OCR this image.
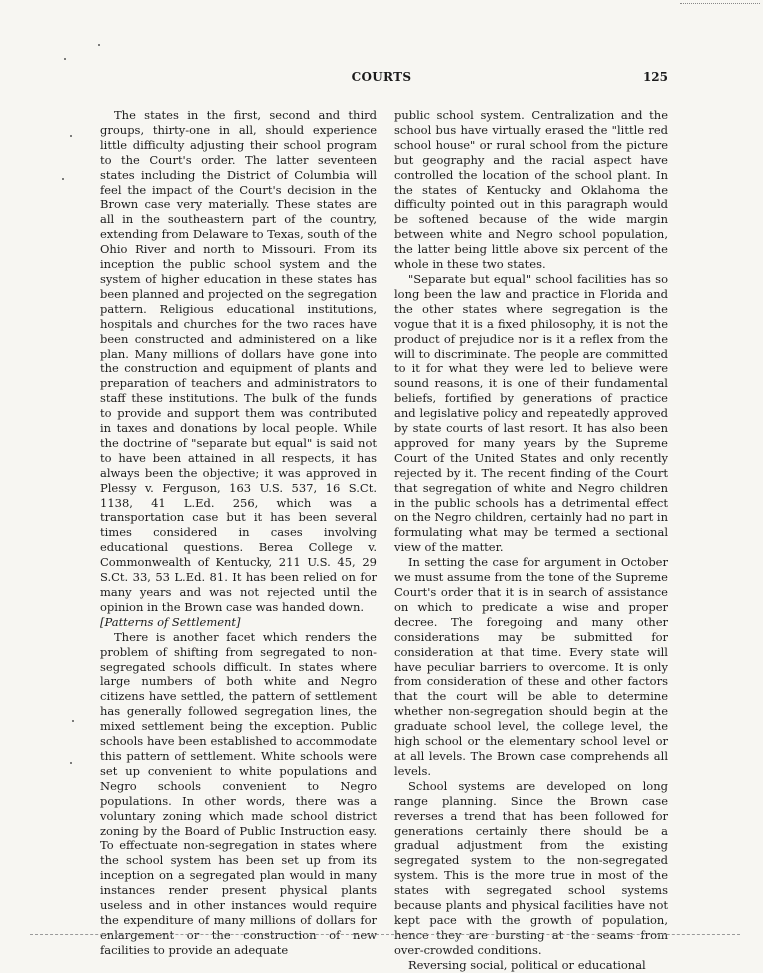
COURTS	125

The states in the first, second and third groups, thirty-one in all, should experience little difficulty adjusting their school program to the Court's order. The latter seventeen states including the District of Columbia will feel the impact of the Court's decision in the Brown case very materially. These states are all in the southeastern part of the country, extending from Delaware to Texas, south of the Ohio River and north to Missouri. From its inception the public school system and the system of higher education in these states has been planned and projected on the segregation pattern. Religious educational institutions, hospitals and churches for the two races have been constructed and administered on a like plan. Many millions of dollars have gone into the construction and equipment of plants and preparation of teachers and administrators to staff these institutions. The bulk of the funds to provide and support them was contributed in taxes and donations by local people. While the doctrine of "separate but equal" is said not to have been attained in all respects, it has always been the objective; it was approved in Plessy v. Ferguson, 163 U.S. 537, 16 S.Ct. 1138, 41 L.Ed. 256, which was a transportation case but it has been several times considered in cases involving educational questions. Berea College v. Commonwealth of Kentucky, 211 U.S. 45, 29 S.Ct. 33, 53 L.Ed. 81. It has been relied on for many years and was not rejected until the opinion in the Brown case was handed down.

[Patterns of Settlement]

There is another facet which renders the problem of shifting from segregated to non-segregated schools difficult. In states where large numbers of both white and Negro citizens have settled, the pattern of settlement has generally followed segregation lines, the mixed settlement being the exception. Public schools have been established to accommodate this pattern of settlement. White schools were set up convenient to white populations and Negro schools convenient to Negro populations. In other words, there was a voluntary zoning which made school district zoning by the Board of Public Instruction easy. To effectuate non-segregation in states where the school system has been set up from its inception on a segregated plan would in many instances render present physical plants useless and in other instances would require the expenditure of many millions of dollars for enlargement or the construction of new facilities to provide an adequate

public school system. Centralization and the school bus have virtually erased the "little red school house" or rural school from the picture but geography and the racial aspect have controlled the location of the school plant. In the states of Kentucky and Oklahoma the difficulty pointed out in this paragraph would be softened because of the wide margin between white and Negro school population, the latter being little above six percent of the whole in these two states.

"Separate but equal" school facilities has so long been the law and practice in Florida and the other states where segregation is the vogue that it is a fixed philosophy, it is not the product of prejudice nor is it a reflex from the will to discriminate. The people are committed to it for what they were led to believe were sound reasons, it is one of their fundamental beliefs, fortified by generations of practice and legislative policy and repeatedly approved by state courts of last resort. It has also been approved for many years by the Supreme Court of the United States and only recently rejected by it. The recent finding of the Court that segregation of white and Negro children in the public schools has a detrimental effect on the Negro children, certainly had no part in formulating what may be termed a sectional view of the matter.

In setting the case for argument in October we must assume from the tone of the Supreme Court's order that it is in search of assistance on which to predicate a wise and proper decree. The foregoing and many other considerations may be submitted for consideration at that time. Every state will have peculiar barriers to overcome. It is only from consideration of these and other factors that the court will be able to determine whether non-segregation should begin at the graduate school level, the college level, the high school or the elementary school level or at all levels. The Brown case comprehends all levels.

School systems are developed on long range planning. Since the Brown case reverses a trend that has been followed for generations certainly there should be a gradual adjustment from the existing segregated system to the non-segregated system. This is the more true in most of the states with segregated school systems because plants and physical facilities have not kept pace with the growth of population, hence they are bursting at the seams from over-crowded conditions.

Reversing social, political or educational
